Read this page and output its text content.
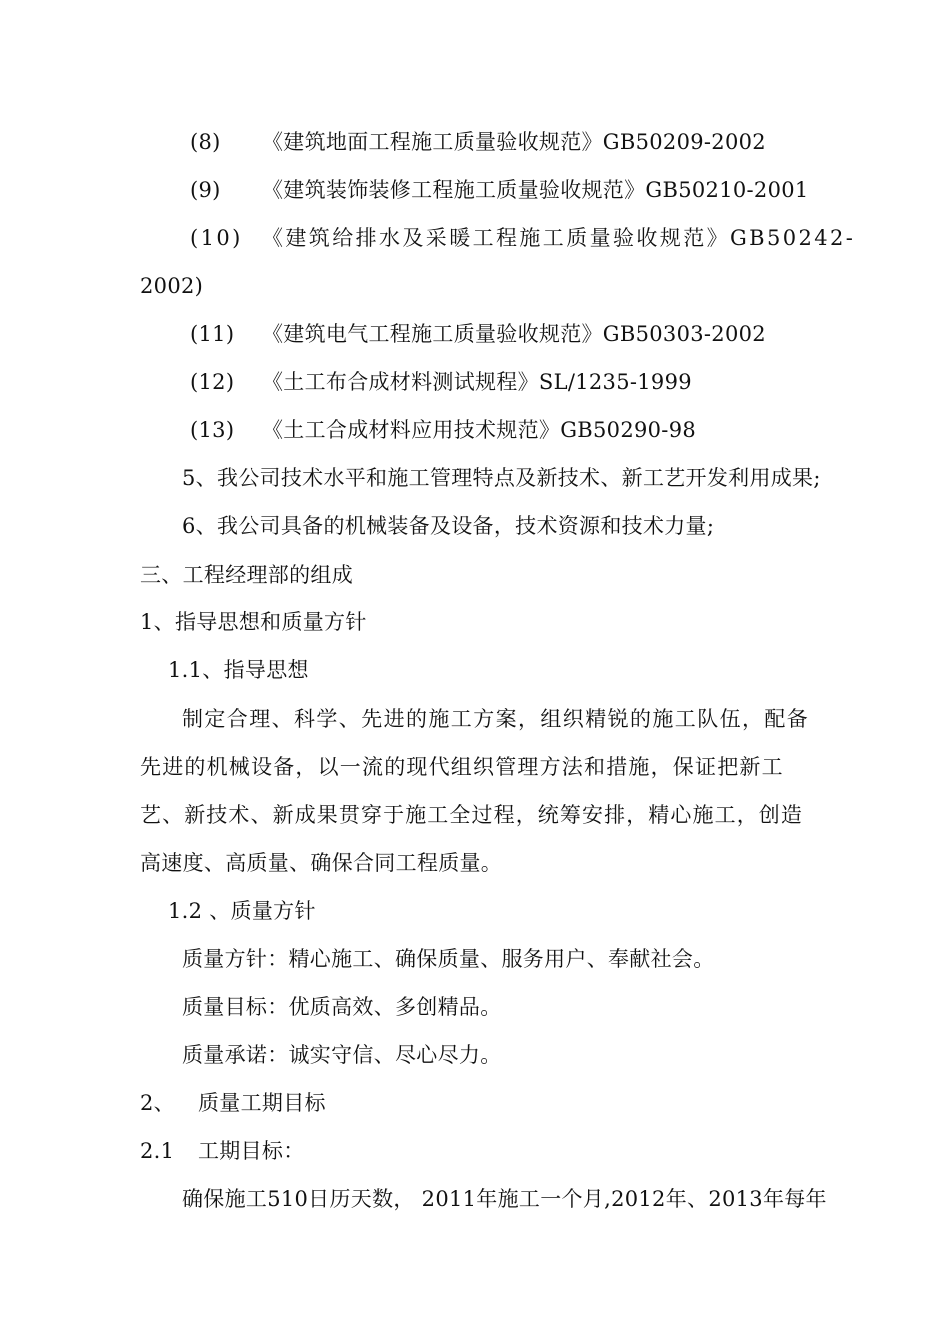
(8) 《建筑地面工程施工质量验收规范》GB50209-2002
(9) 《建筑装饰装修工程施工质量验收规范》GB50210-2001
(10) 《建筑给排水及采暖工程施工质量验收规范》GB50242-
2002)
(11) 《建筑电气工程施工质量验收规范》GB50303-2002
(12) 《土工布合成材料测试规程》SL/1235-1999
(13) 《土工合成材料应用技术规范》GB50290-98
5、我公司技术水平和施工管理特点及新技术、新工艺开发利用成果;
6、我公司具备的机械装备及设备，技术资源和技术力量;
三、工程经理部的组成
1、指导思想和质量方针
1.1、指导思想
制定合理、科学、先进的施工方案，组织精锐的施工队伍，配备
先进的机械设备，以一流的现代组织管理方法和措施，保证把新工
艺、新技术、新成果贯穿于施工全过程，统筹安排，精心施工，创造
高速度、高质量、确保合同工程质量。
1.2 、质量方针
质量方针：精心施工、确保质量、服务用户、奉献社会。
质量目标：优质高效、多创精品。
质量承诺：诚实守信、尽心尽力。
2、 质量工期目标
2.1 工期目标：
确保施工510日历天数， 2011年施工一个月,2012年、2013年每年
